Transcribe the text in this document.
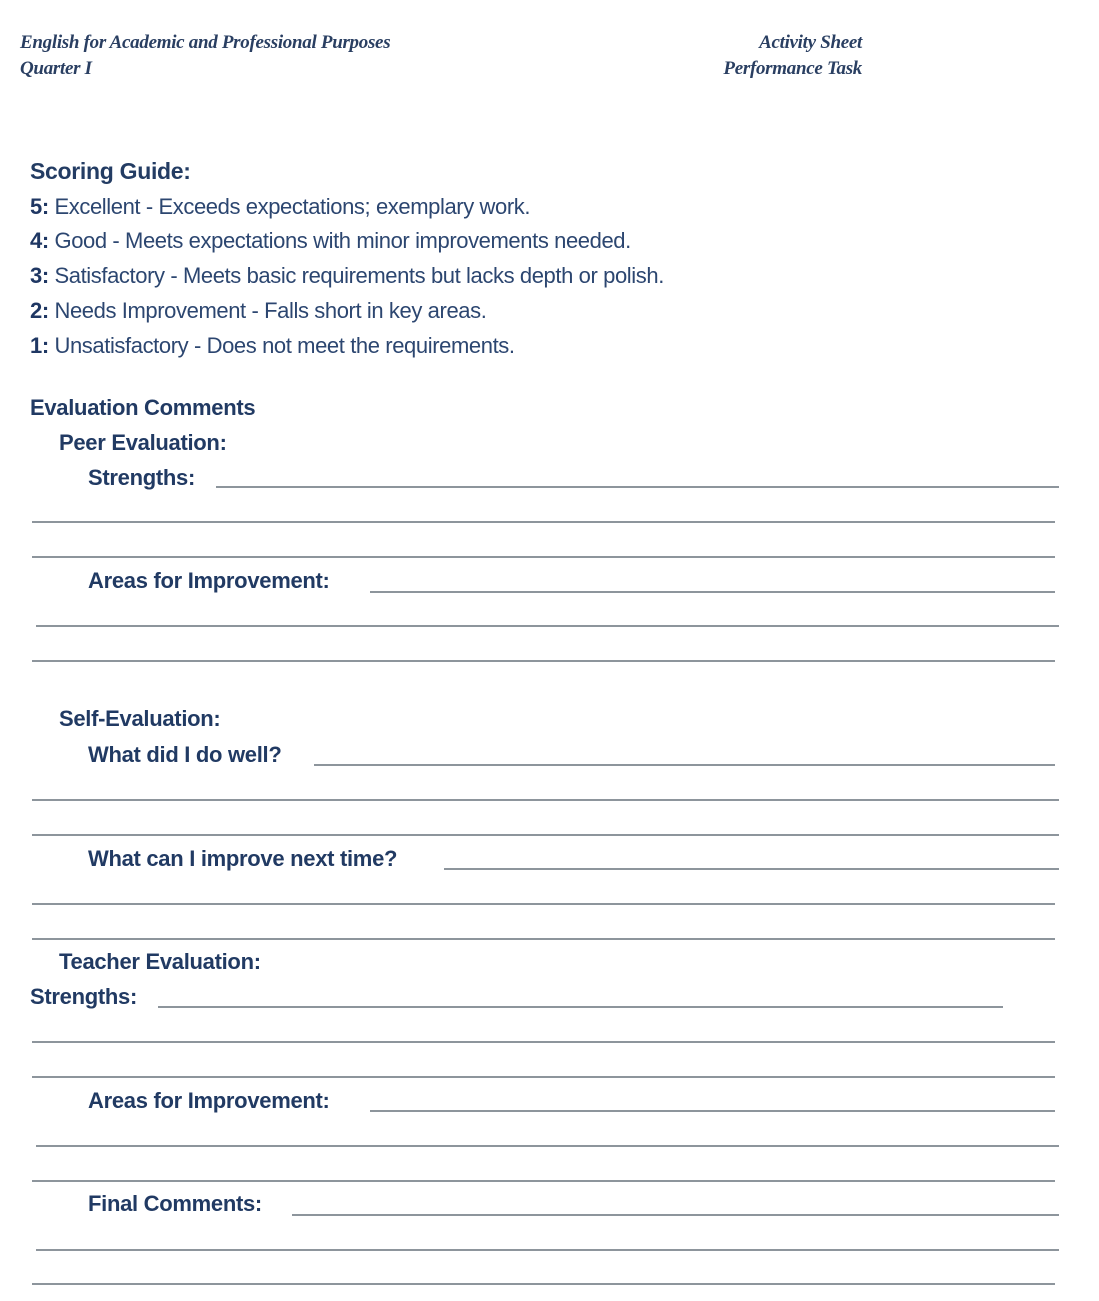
English for Academic and Professional Purposes
Quarter I
Activity Sheet
Performance Task
Scoring Guide:
5: Excellent - Exceeds expectations; exemplary work.
4: Good - Meets expectations with minor improvements needed.
3: Satisfactory - Meets basic requirements but lacks depth or polish.
2: Needs Improvement - Falls short in key areas.
1: Unsatisfactory - Does not meet the requirements.
Evaluation Comments
Peer Evaluation:
Strengths:
Areas for Improvement:
Self-Evaluation:
What did I do well?
What can I improve next time?
Teacher Evaluation:
Strengths:
Areas for Improvement:
Final Comments:
